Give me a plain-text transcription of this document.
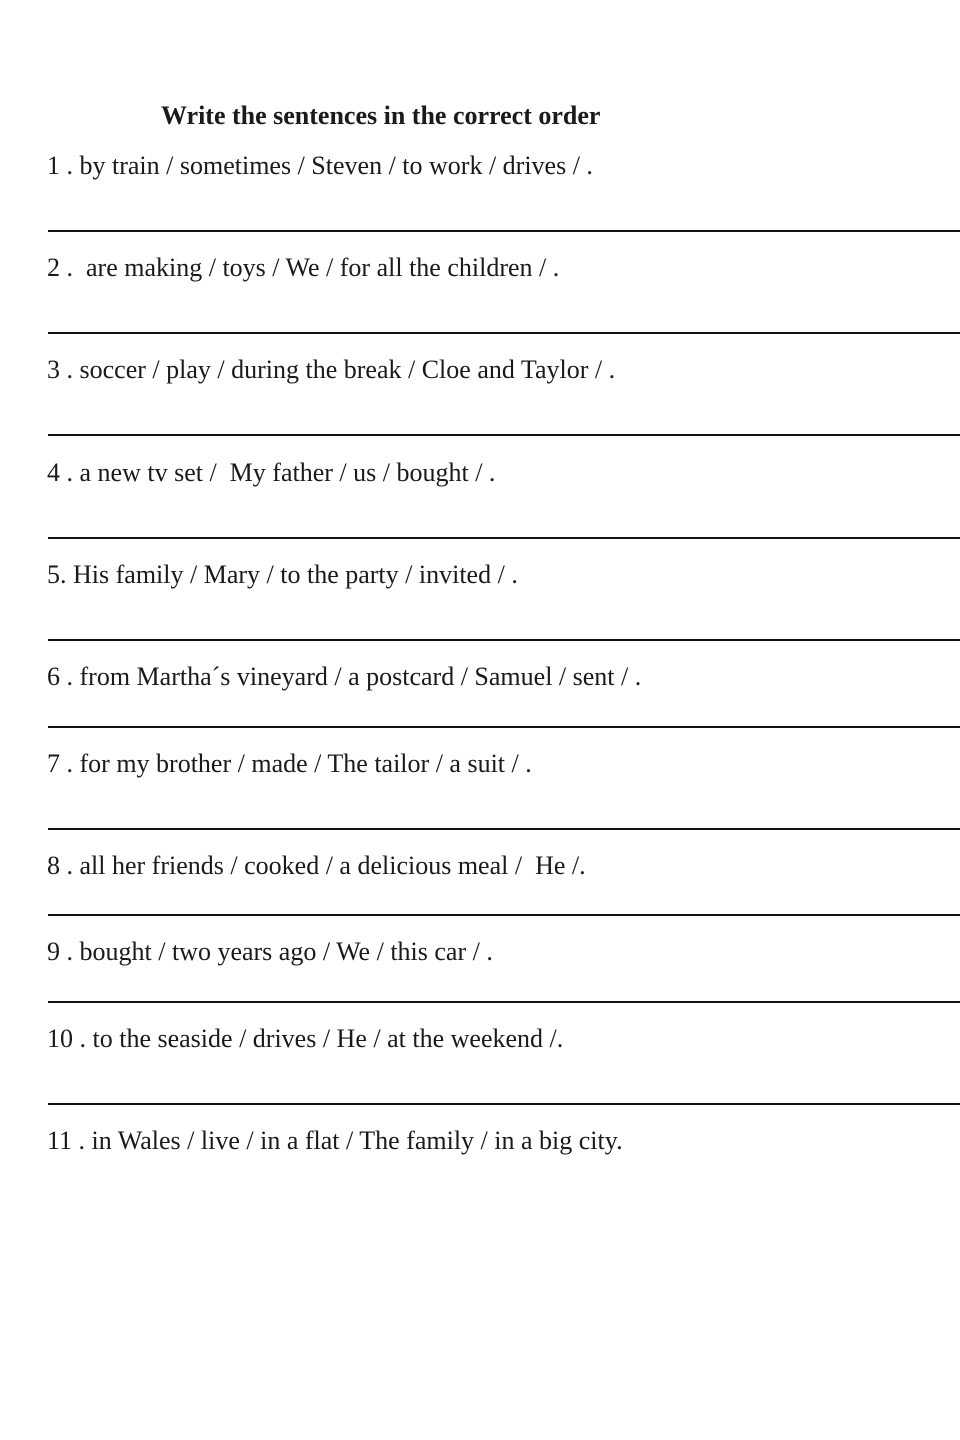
Write the sentences in the correct order
1 . by train / sometimes / Steven / to work / drives / .
2 .  are making / toys / We / for all the children / .
3 . soccer / play / during the break / Cloe and Taylor / .
4 . a new tv set /  My father / us / bought / .
5. His family / Mary / to the party / invited / .
6 . from Martha´s vineyard / a postcard / Samuel / sent / .
7 . for my brother / made / The tailor / a suit / .
8 . all her friends / cooked / a delicious meal /  He /.
9 . bought / two years ago / We / this car / .
10 . to the seaside / drives / He / at the weekend /.
11 . in Wales / live / in a flat / The family / in a big city.
